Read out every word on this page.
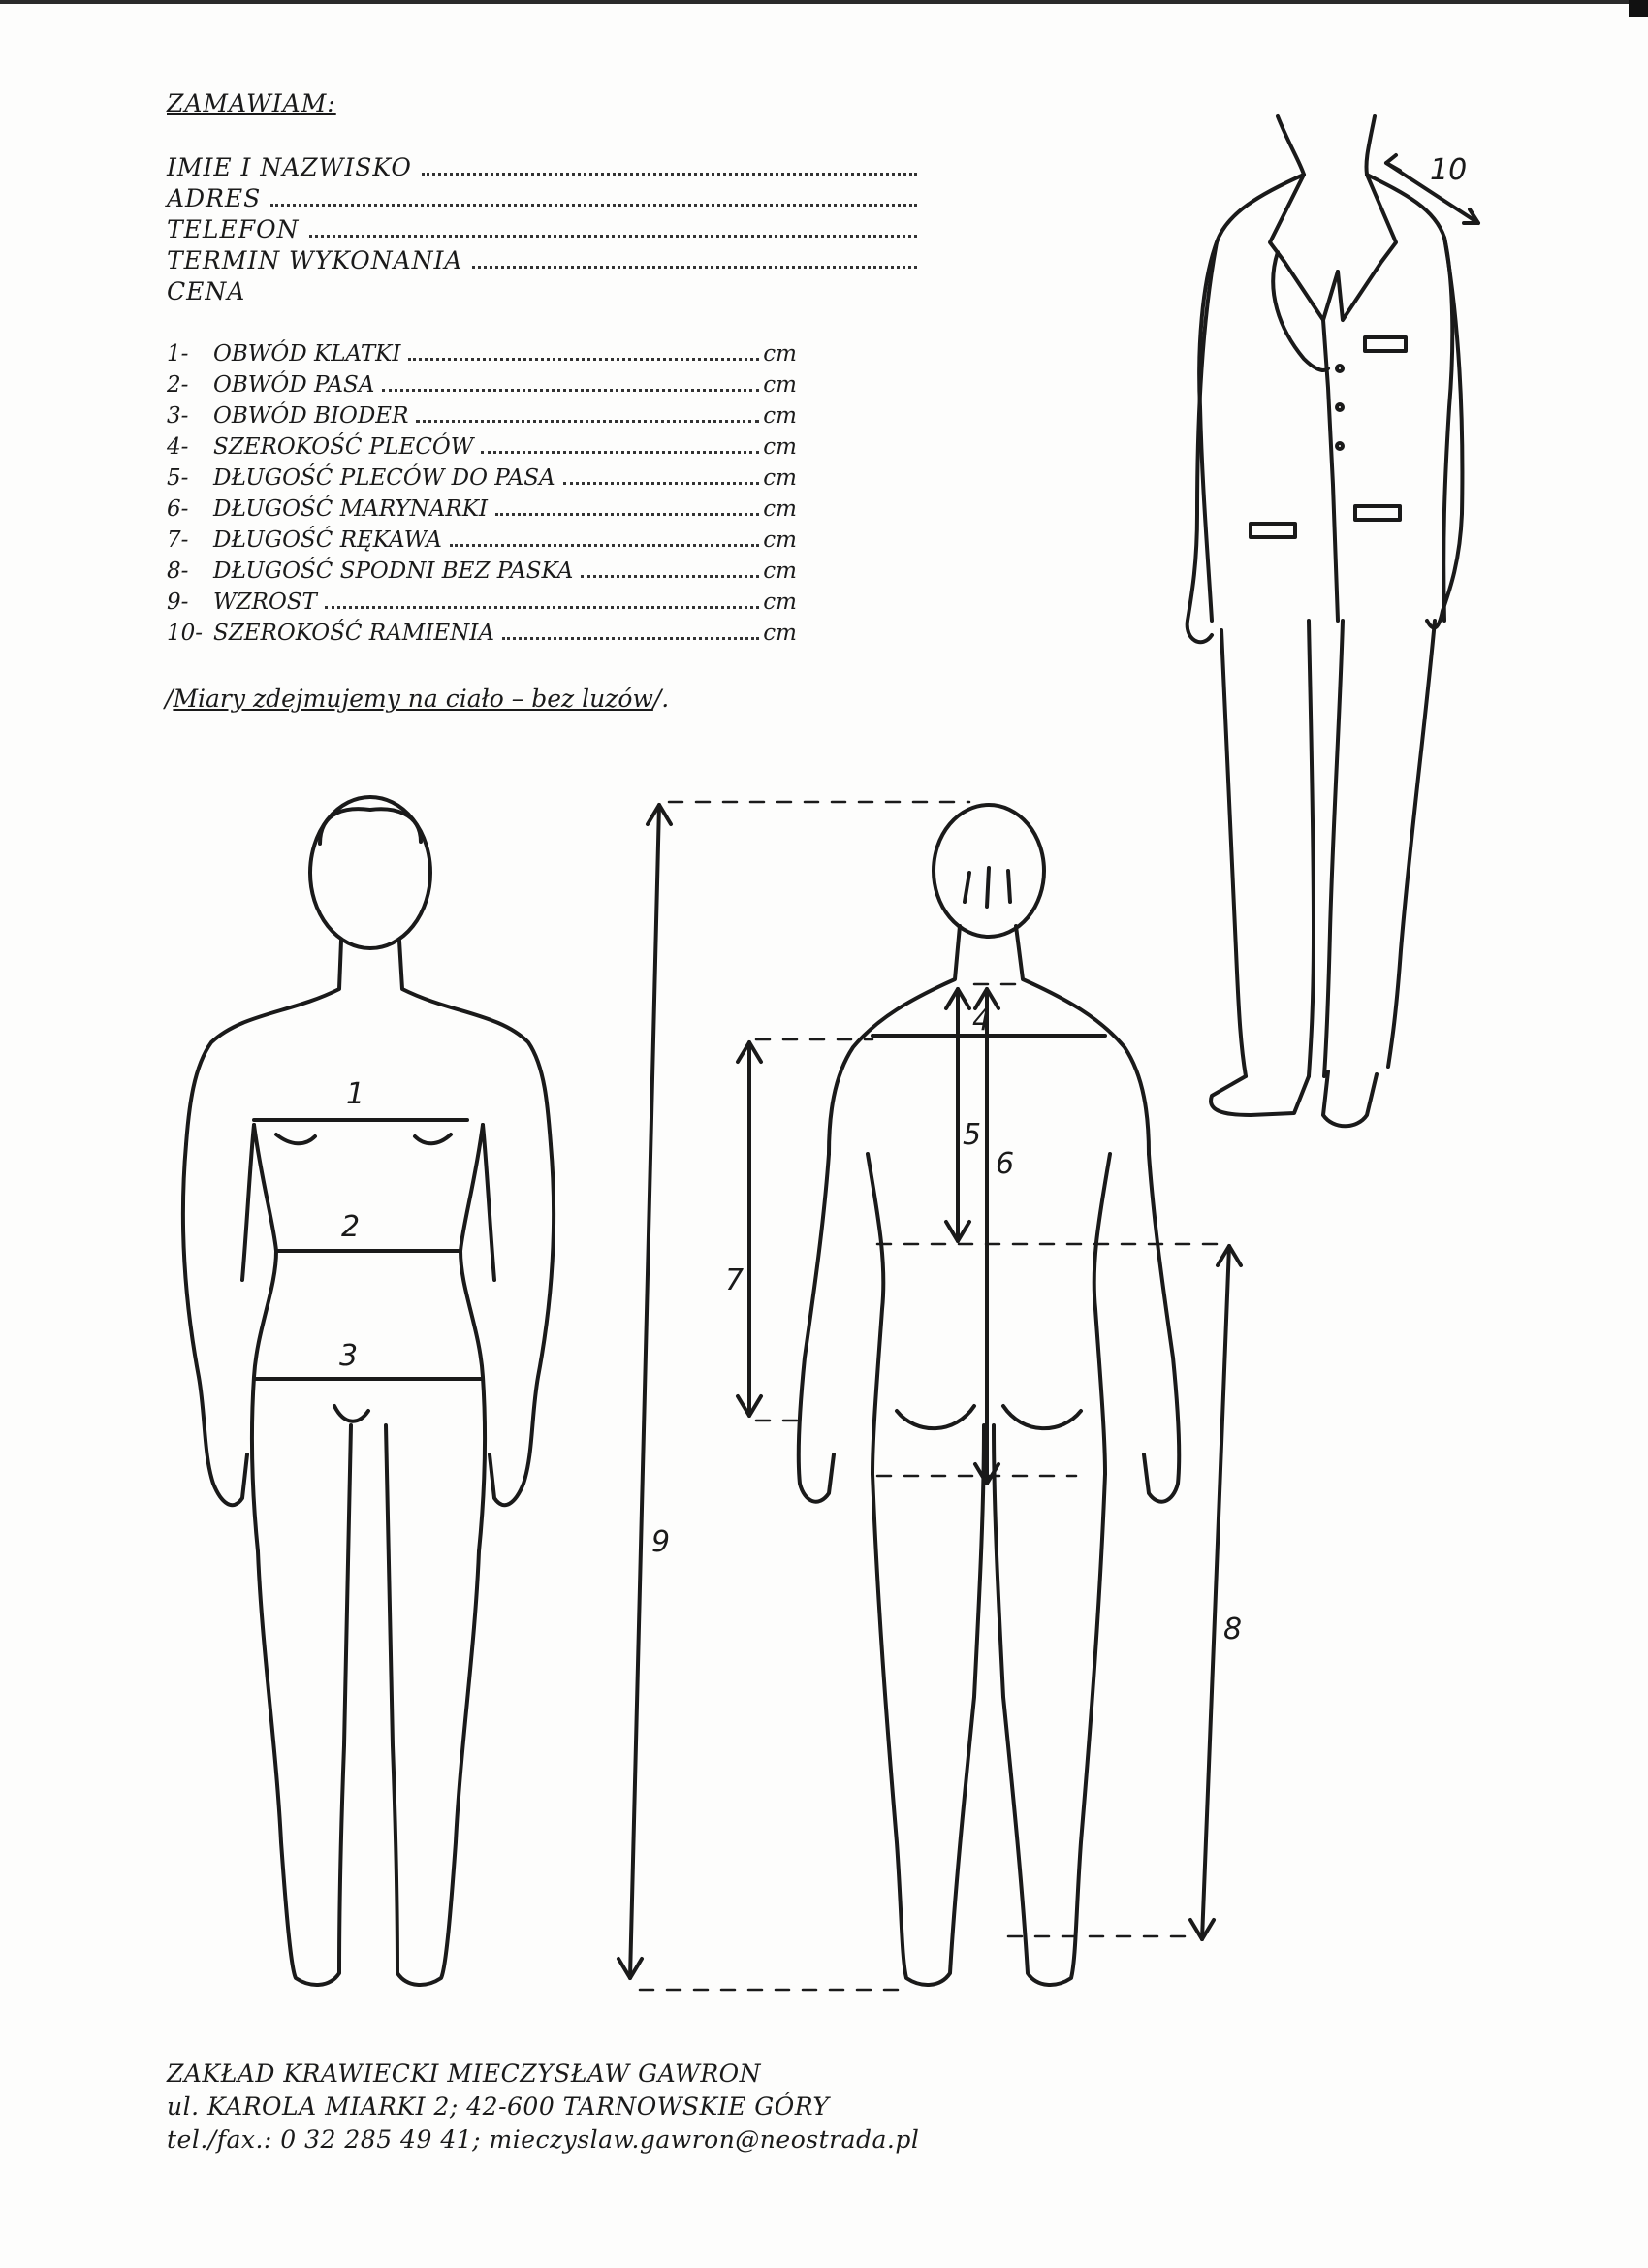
ZAMAWIAM:
IMIE I NAZWISKO
ADRES
TELEFON
TERMIN WYKONANIA
CENA
1-	OBWÓD KLATKI	cm
2-	OBWÓD PASA	cm
3-	OBWÓD BIODER	cm
4-	SZEROKOŚĆ PLECÓW	cm
5-	DŁUGOŚĆ PLECÓW DO PASA	cm
6-	DŁUGOŚĆ MARYNARKI	cm
7-	DŁUGOŚĆ RĘKAWA	cm
8-	DŁUGOŚĆ SPODNI BEZ PASKA	cm
9-	WZROST	cm
10- SZEROKOŚĆ RAMIENIA	cm
/Miary zdejmujemy na ciało – bez luzów/.
1
2
3
4
5
6
7
8
9
10
ZAKŁAD KRAWIECKI MIECZYSŁAW GAWRON
ul. KAROLA MIARKI 2; 42-600 TARNOWSKIE GÓRY
tel./fax.: 0 32 285 49 41; mieczyslaw.gawron@neostrada.pl
